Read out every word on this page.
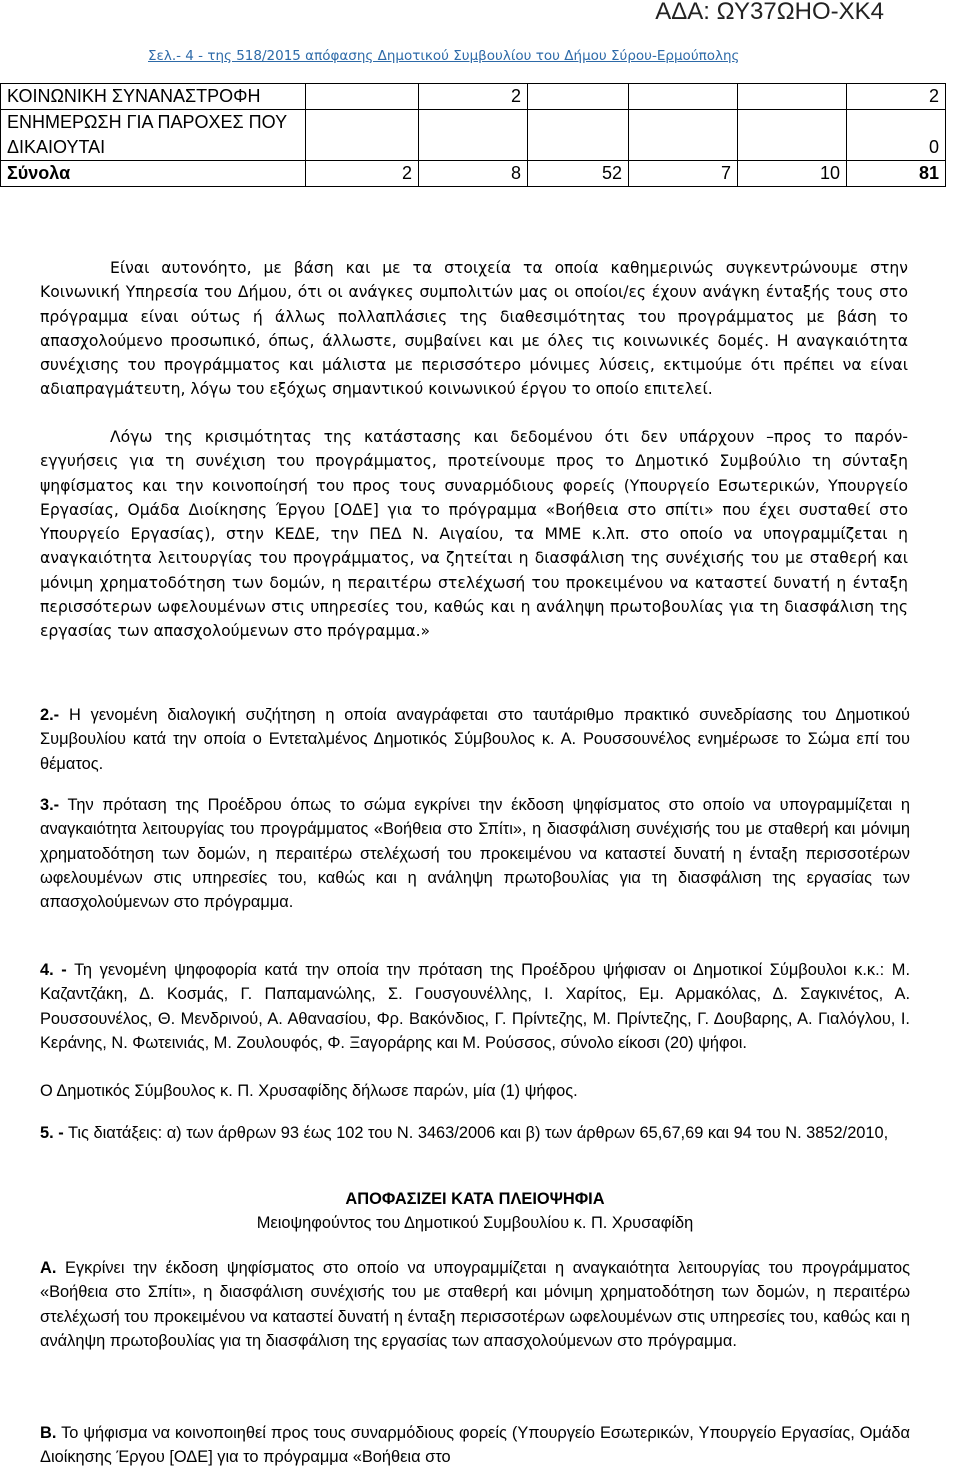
ΑΔΑ: ΩΥ37ΩΗΟ-ΧΚ4
Σελ.- 4 - της 518/2015 απόφασης Δημοτικού Συμβουλίου του Δήμου Σύρου-Ερμούπολης
ΚΟΙΝΩΝΙΚΗ ΣΥΝΑΝΑΣΤΡΟΦΗ		2				2
ΕΝΗΜΕΡΩΣΗ ΓΙΑ ΠΑΡΟΧΕΣ ΠΟΥ ΔΙΚΑΙΟΥΤΑΙ						0
Σύνολα	2	8	52	7	10	81

Είναι αυτονόητο, με βάση και με τα στοιχεία τα οποία καθημερινώς συγκεντρώνουμε στην Κοινωνική Υπηρεσία του Δήμου, ότι οι ανάγκες συμπολιτών μας οι οποίοι/ες έχουν ανάγκη ένταξής τους στο πρόγραμμα είναι ούτως ή άλλως πολλαπλάσιες της διαθεσιμότητας του προγράμματος με βάση το απασχολούμενο προσωπικό, όπως, άλλωστε, συμβαίνει και με όλες τις κοινωνικές δομές. Η αναγκαιότητα συνέχισης του προγράμματος και μάλιστα με περισσότερο μόνιμες λύσεις, εκτιμούμε ότι πρέπει να είναι αδιαπραγμάτευτη, λόγω του εξόχως σημαντικού κοινωνικού έργου το οποίο επιτελεί.

Λόγω της κρισιμότητας της κατάστασης και δεδομένου ότι δεν υπάρχουν –προς το παρόν- εγγυήσεις για τη συνέχιση του προγράμματος, προτείνουμε προς το Δημοτικό Συμβούλιο τη σύνταξη ψηφίσματος και την κοινοποίησή του προς τους συναρμόδιους φορείς (Υπουργείο Εσωτερικών, Υπουργείο Εργασίας, Ομάδα Διοίκησης Έργου [ΟΔΕ] για το πρόγραμμα «Βοήθεια στο σπίτι» που έχει συσταθεί στο Υπουργείο Εργασίας), στην ΚΕΔΕ, την ΠΕΔ Ν. Αιγαίου, τα ΜΜΕ κ.λπ. στο οποίο να υπογραμμίζεται η αναγκαιότητα λειτουργίας του προγράμματος, να ζητείται η διασφάλιση της συνέχισής του με σταθερή και μόνιμη χρηματοδότηση των δομών, η περαιτέρω στελέχωσή του προκειμένου να καταστεί δυνατή η ένταξη περισσότερων ωφελουμένων στις υπηρεσίες του, καθώς και η ανάληψη πρωτοβουλίας για τη διασφάλιση της εργασίας των απασχολούμενων στο πρόγραμμα.»

2.- Η γενομένη διαλογική συζήτηση η οποία αναγράφεται στο ταυτάριθμο πρακτικό συνεδρίασης του Δημοτικού Συμβουλίου κατά την οποία ο Εντεταλμένος Δημοτικός Σύμβουλος κ. Α. Ρουσσουνέλος ενημέρωσε το Σώμα επί του θέματος.

3.- Την πρόταση της Προέδρου όπως το σώμα εγκρίνει την έκδοση ψηφίσματος στο οποίο να υπογραμμίζεται η αναγκαιότητα λειτουργίας του προγράμματος «Βοήθεια στο Σπίτι», η διασφάλιση συνέχισής του με σταθερή και μόνιμη χρηματοδότηση των δομών, η περαιτέρω στελέχωσή του προκειμένου να καταστεί δυνατή η ένταξη περισσοτέρων ωφελουμένων στις υπηρεσίες του, καθώς και η ανάληψη πρωτοβουλίας για τη διασφάλιση της εργασίας των απασχολούμενων στο πρόγραμμα.

4. - Τη γενομένη ψηφοφορία κατά την οποία την πρόταση της Προέδρου ψήφισαν οι Δημοτικοί Σύμβουλοι κ.κ.: Μ. Καζαντζάκη, Δ. Κοσμάς, Γ. Παπαμανώλης, Σ. Γουσγουνέλλης, Ι. Χαρίτος, Εμ. Αρμακόλας, Δ. Σαγκινέτος, Α. Ρουσσουνέλος, Θ. Μενδρινού, Α. Αθανασίου, Φρ. Βακόνδιος, Γ. Πρίντεζης, Μ. Πρίντεζης, Γ. Δουβαρης, Α. Γιαλόγλου, Ι. Κεράνης, Ν. Φωτεινιάς, Μ. Ζουλουφός, Φ. Ξαγοράρης και Μ. Ρούσσος, σύνολο είκοσι (20) ψήφοι.

Ο Δημοτικός Σύμβουλος κ. Π. Χρυσαφίδης δήλωσε παρών, μία (1) ψήφος.

5. - Τις διατάξεις: α) των άρθρων 93 έως 102 του Ν. 3463/2006 και β) των άρθρων 65,67,69 και 94 του Ν. 3852/2010,

ΑΠΟΦΑΣΙΖΕΙ ΚΑΤΑ ΠΛΕΙΟΨΗΦΙΑ

Μειοψηφούντος του Δημοτικού Συμβουλίου κ. Π. Χρυσαφίδη

Α. Εγκρίνει την έκδοση ψηφίσματος στο οποίο να υπογραμμίζεται η αναγκαιότητα λειτουργίας του προγράμματος «Βοήθεια στο Σπίτι», η διασφάλιση συνέχισής του με σταθερή και μόνιμη χρηματοδότηση των δομών, η περαιτέρω στελέχωσή του προκειμένου να καταστεί δυνατή η ένταξη περισσοτέρων ωφελουμένων στις υπηρεσίες του, καθώς και η ανάληψη πρωτοβουλίας για τη διασφάλιση της εργασίας των απασχολούμενων στο πρόγραμμα.

Β. Το ψήφισμα να κοινοποιηθεί προς τους συναρμόδιους φορείς (Υπουργείο Εσωτερικών, Υπουργείο Εργασίας, Ομάδα Διοίκησης Έργου [ΟΔΕ] για το πρόγραμμα «Βοήθεια στο
